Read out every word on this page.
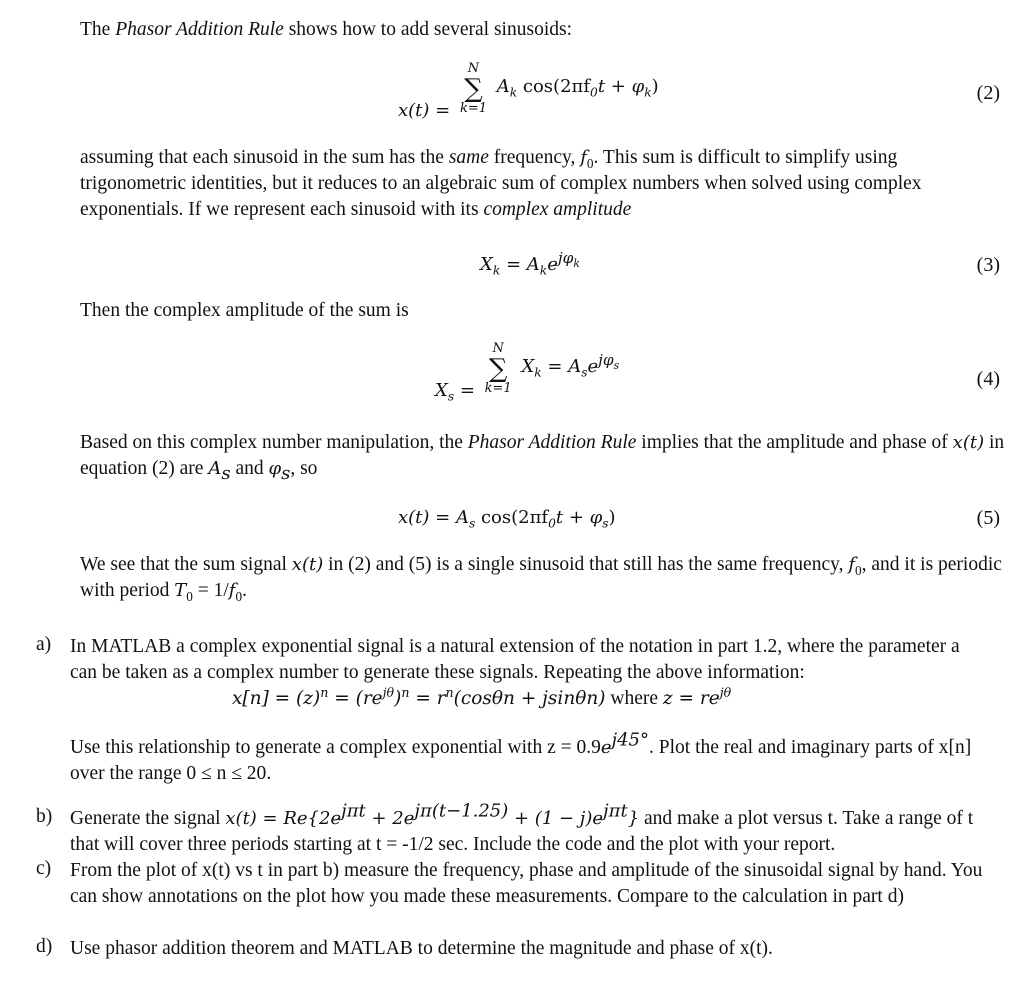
The Phasor Addition Rule shows how to add several sinusoids:
x(t) =
N
∑
k=1
$A_k$ $\cos(2\pi f_0t + \varphi_k)$	(2)
assuming that each sinusoid in the sum has the same frequency, $f_0$. This sum is difficult to simplify using trigonometric identities, but it reduces to an algebraic sum of complex numbers when solved using complex exponentials. If we represent each sinusoid with its complex amplitude
$X_k = A_ke^{j\varphi_k}$	(3)
Then the complex amplitude of the sum is
$X_s$ =
N
∑
k=1
$X_k = A_se^{j\varphi_s}$
(4)
Based on this complex number manipulation, the Phasor Addition Rule implies that the amplitude and phase of x(t) in equation (2) are $A_s$ and $\varphi_s$, so
$x(t) = A_s$ $\cos(2\pi f_0t + \varphi_s)$	(5)
We see that the sum signal x(t) in (2) and (5) is a single sinusoid that still has the same frequency, $f_0$, and it is periodic with period $T_0 = 1/f_0$.
a) In MATLAB a complex exponential signal is a natural extension of the notation in part 1.2, where the parameter a can be taken as a complex number to generate these signals. Repeating the above information:
$x[n] = (z)^n = (re^{j\theta})^n = r^n(\cos\theta n + jsin\theta n)$ where $z = re^{j\theta}$
Use this relationship to generate a complex exponential with $z = 0.9e^{j45^\circ}$. Plot the real and imaginary parts of x[n] over the range 0 ≤ n ≤ 20.
b) Generate the signal $x(t) = Re\{2e^{j\pi t} + 2e^{j\pi(t-1.25)} + (1 - j)e^{j\pi t}\}$ and make a plot versus t. Take a range of t that will cover three periods starting at t = -1/2 sec. Include the code and the plot with your report.
c) From the plot of x(t) vs t in part b) measure the frequency, phase and amplitude of the sinusoidal signal by hand. You can show annotations on the plot how you made these measurements. Compare to the calculation in part d)
d) Use phasor addition theorem and MATLAB to determine the magnitude and phase of x(t).
